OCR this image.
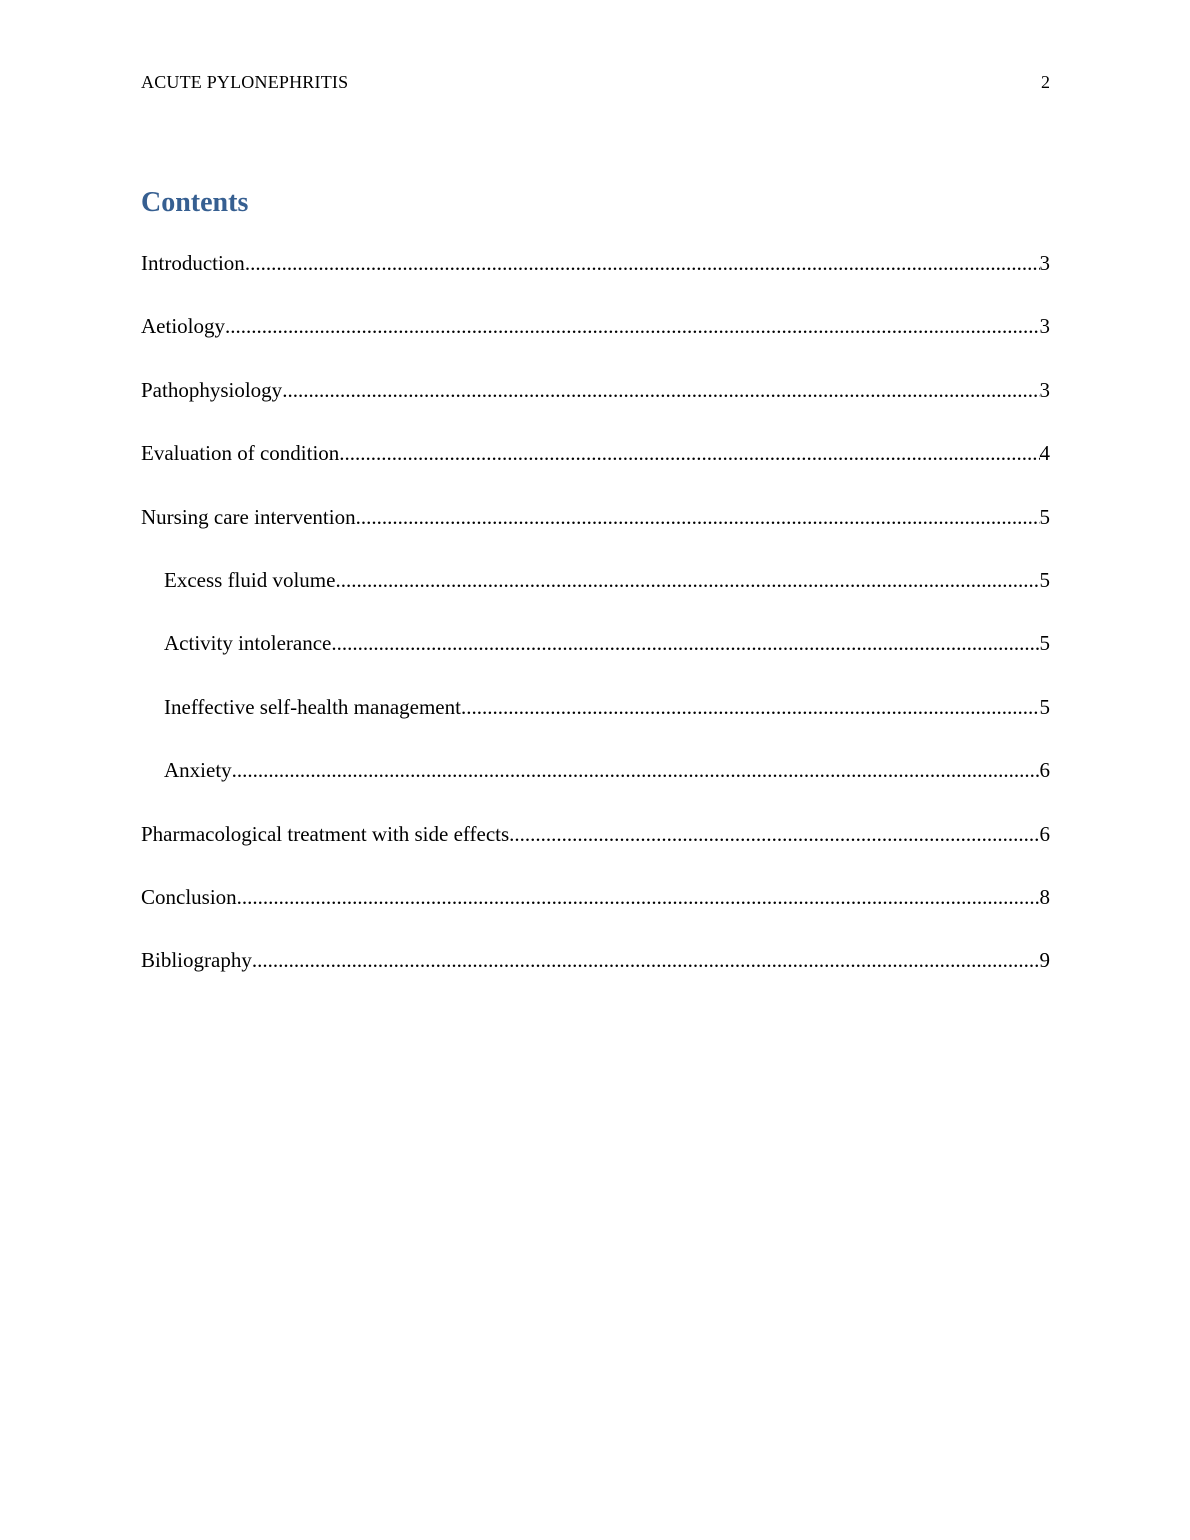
ACUTE PYLONEPHRITIS	2
Contents
Introduction .....	3
Aetiology .....	3
Pathophysiology .....	3
Evaluation of condition .....	4
Nursing care intervention .....	5
Excess fluid volume .....	5
Activity intolerance .....	5
Ineffective self-health management .....	5
Anxiety .....	6
Pharmacological treatment with side effects .....	6
Conclusion .....	8
Bibliography .....	9
